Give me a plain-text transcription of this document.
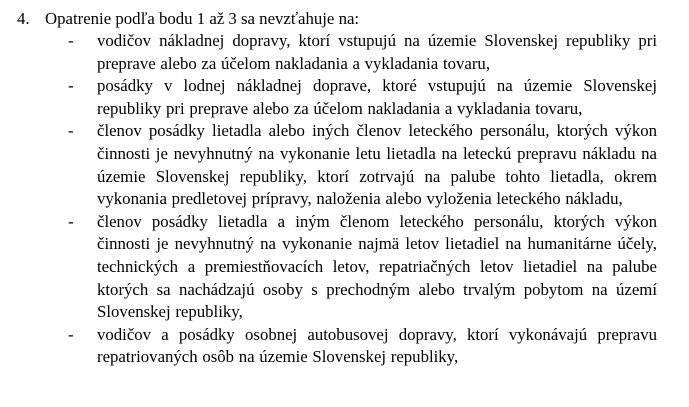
4. Opatrenie podľa bodu 1 až 3 sa nevzťahuje na:
- vodičov nákladnej dopravy, ktorí vstupujú na územie Slovenskej republiky pri preprave alebo za účelom nakladania a vykladania tovaru,

- posádky v lodnej nákladnej doprave, ktoré vstupujú na územie Slovenskej republiky pri preprave alebo za účelom nakladania a vykladania tovaru,

- členov posádky lietadla alebo iných členov leteckého personálu, ktorých výkon činnosti je nevyhnutný na vykonanie letu lietadla na leteckú prepravu nákladu na územie Slovenskej republiky, ktorí zotrvajú na palube tohto lietadla, okrem vykonania predletovej prípravy, naloženia alebo vyloženia leteckého nákladu,

- členov posádky lietadla a iným členom leteckého personálu, ktorých výkon činnosti je nevyhnutný na vykonanie najmä letov lietadiel na humanitárne účely, technických a premiestňovacích letov, repatriačných letov lietadiel na palube ktorých sa nachádzajú osoby s prechodným alebo trvalým pobytom na území Slovenskej republiky,

- vodičov a posádky osobnej autobusovej dopravy, ktorí vykonávajú prepravu repatriovaných osôb na územie Slovenskej republiky,
